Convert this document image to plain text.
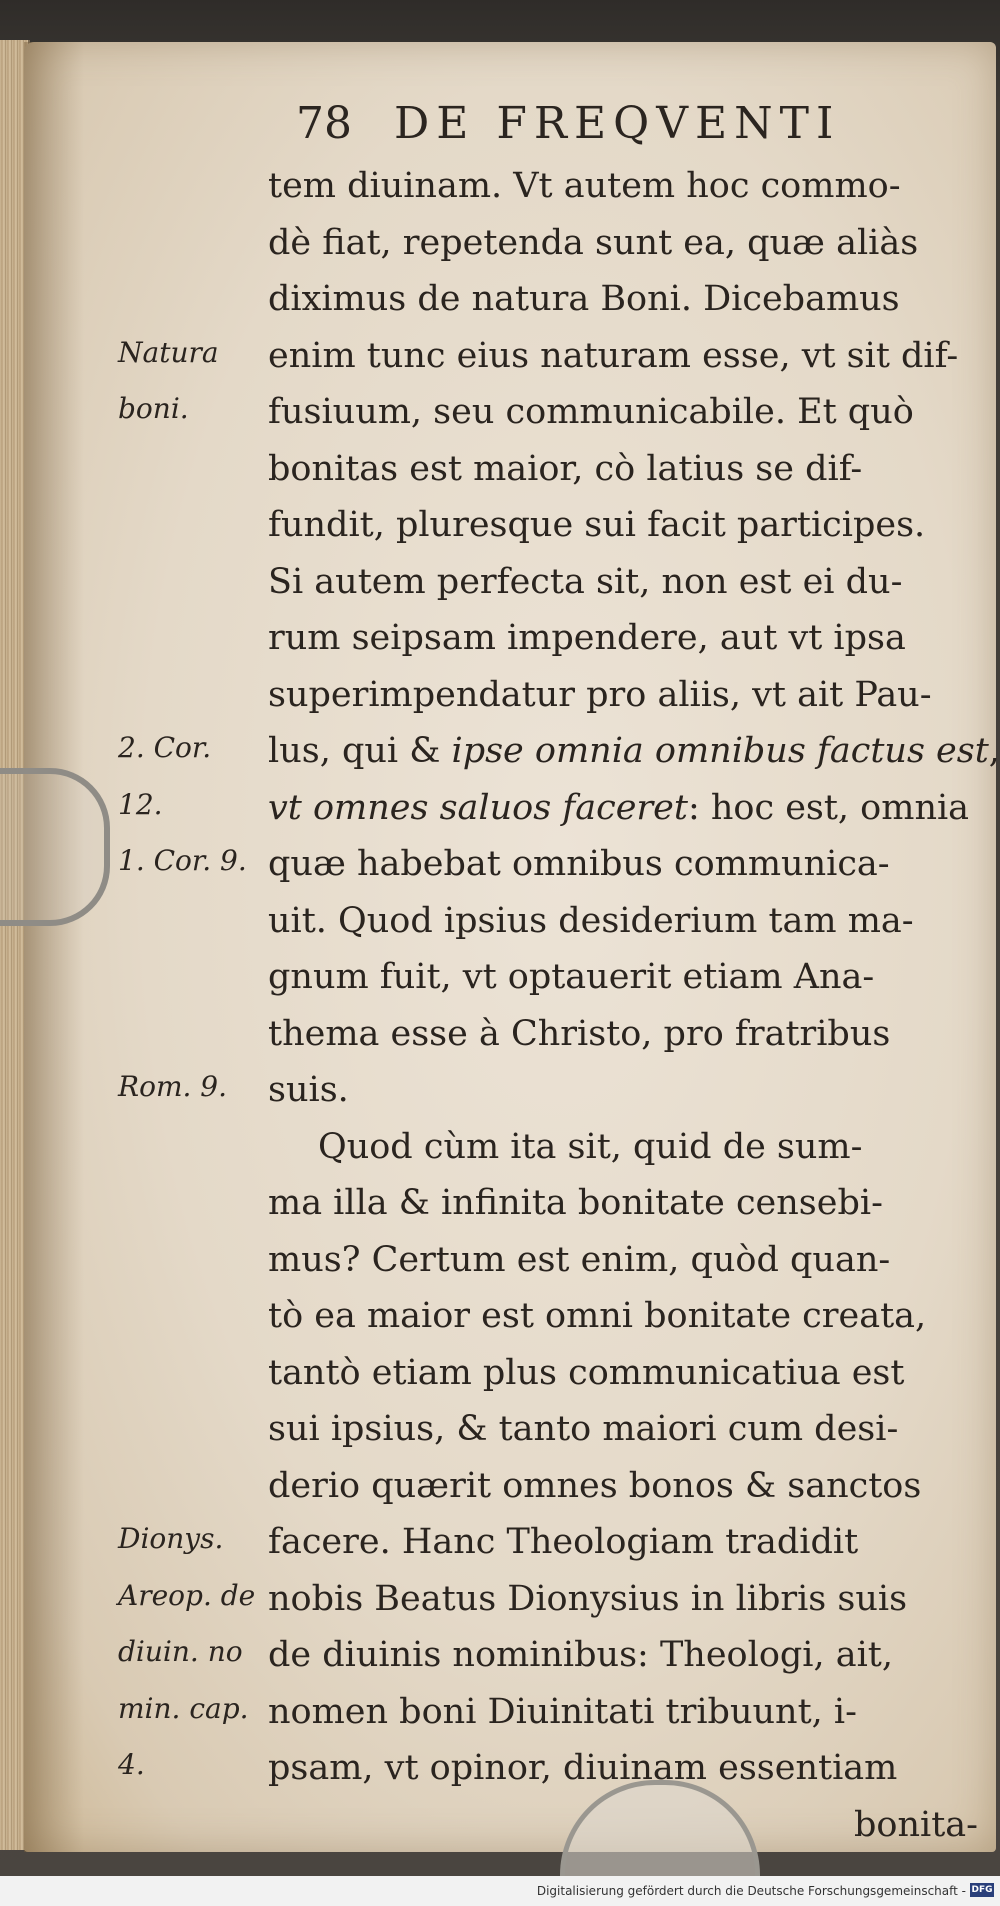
78 DE FREQVENTI
tem diuinam. Vt autem hoc commo-
dè fiat, repetenda sunt ea, quæ aliàs
diximus de natura Boni. Dicebamus
enim tunc eius naturam esse, vt sit dif-
fusiuum, seu communicabile. Et quò
bonitas est maior, cò latius se dif-
fundit, pluresque sui facit participes.
Si autem perfecta sit, non est ei du-
rum seipsam impendere, aut vt ipsa
superimpendatur pro aliis, vt ait Pau-
lus, qui & ipse omnia omnibus factus est
vt omnes saluos faceret: hoc est, omnia
quæ habebat omnibus communica-
uit. Quod ipsius desiderium tam ma-
gnum fuit, vt optauerit etiam Ana-
thema esse à Christo, pro fratribus
suis.
Quod cùm ita sit, quid de sum-
ma illa & infinita bonitate censebi-
mus? Certum est enim, quòd quan-
tò ea maior est omni bonitate creata,
tantò etiam plus communicatiua est
sui ipsius, & tanto maiori cum desi-
derio quærit omnes bonos & sanctos
facere. Hanc Theologiam tradidit
nobis Beatus Dionysius in libris suis
de diuinis nominibus: Theologi, ait,
nomen boni Diuinitati tribuunt, i-
psam, vt opinor, diuinam essentiam
bonita-
Natura
boni.
2. Cor.
12.
1. Cor. 9.
Rom. 9.
Dionys.
Areop. de
diuin. no
min. cap.
4.
Digitalisierung gefördert durch die Deutsche Forschungsgemeinschaft - DFG
